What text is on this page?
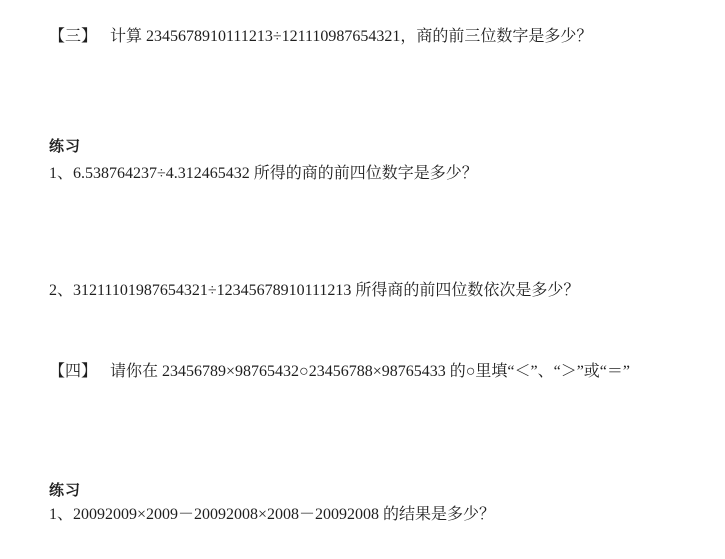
【三】 计算 2345678910111213÷121110987654321，商的前三位数字是多少？
练习
1、6.538764237÷4.312465432 所得的商的前四位数字是多少？
2、31211101987654321÷12345678910111213 所得商的前四位数依次是多少？
【四】 请你在 23456789×98765432○23456788×98765433 的○里填“＜”、“＞”或“＝”
练习
1、20092009×2009－20092008×2008－20092008 的结果是多少？
